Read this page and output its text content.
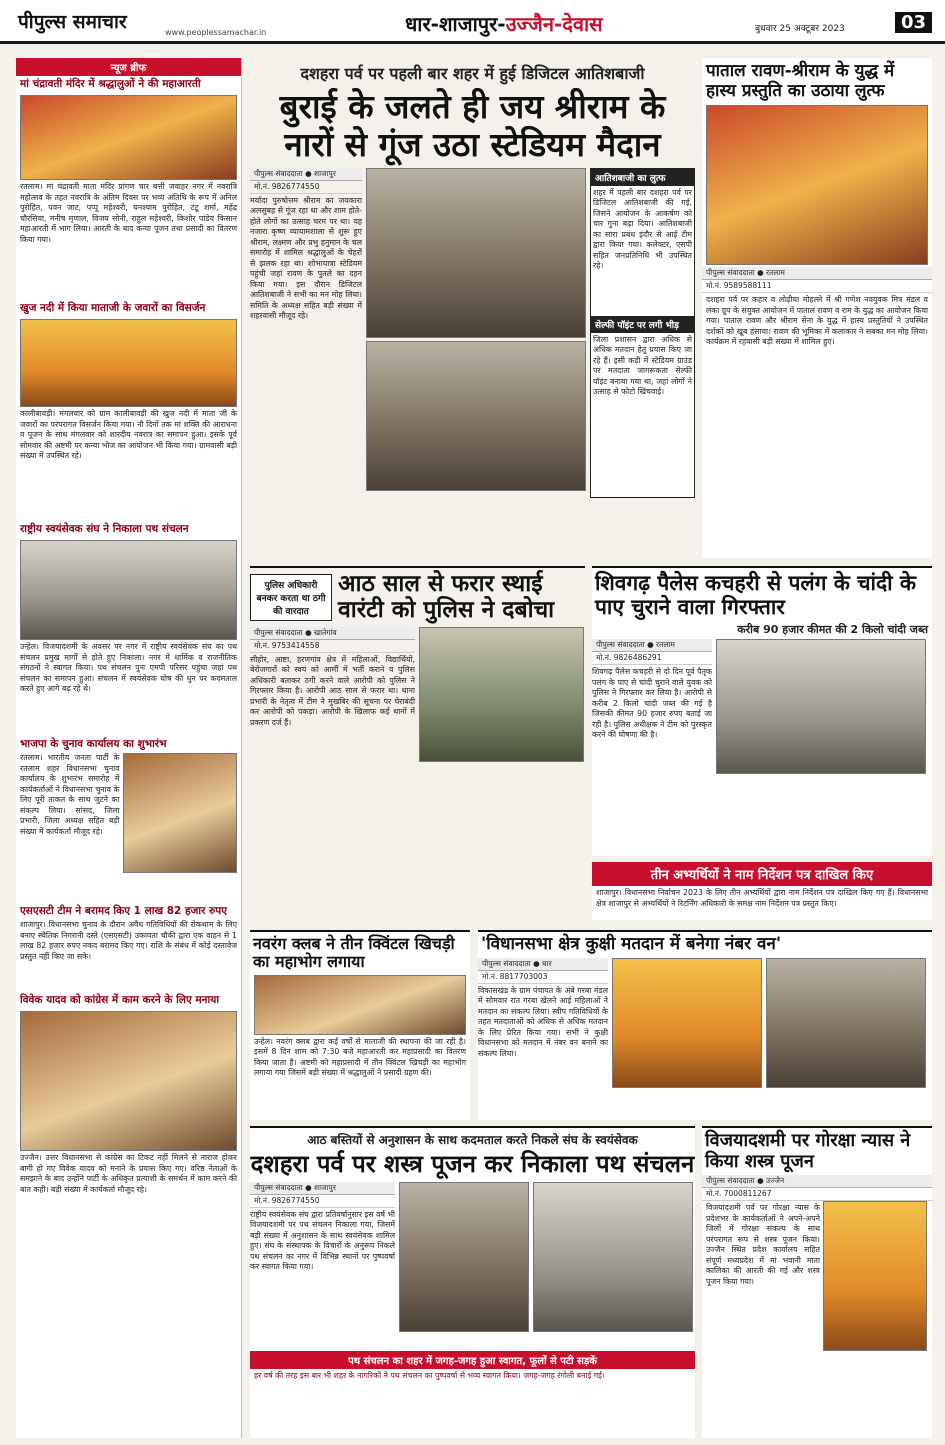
पीपुल्स समाचार	www.peoplessamachar.in	धार-शाजापुर-उज्जैन-देवास	बुधवार 25 अक्टूबर 2023	03
न्यूज ब्रीफ
मां चंद्रावती मंदिर में श्रद्धालुओं ने की महाआरती
रतलाम। मां चंद्रावती माता मंदिर प्रांगण चार बत्ती जवाहर नगर में नवरात्रि महोत्सव के तहत नवरात्रि के अंतिम दिवस पर भव्य अतिथि के रूप में अनिल पुरोहित, पवन जाट, पप्पू महेश्वरी, घनश्याम पुरोहित, टंटू शर्मा, महेंद्र चौरसिया, मनीष मृणाल, विजय सोनी, राहुल महेश्वरी, किशोर पांडेय किसान महाआरती में भाग लिया। आरती के बाद कन्या पूजन तथा प्रसादी का वितरण किया गया।
खुज नदी में किया माताजी के जवारों का विसर्जन
कालीबावड़ी। मंगलवार को ग्राम कालीबावड़ी की खुज नदी में माता जी के जवारों का परंपरागत विसर्जन किया गया। नौ दिनों तक मां शक्ति की आराधना व पूजन के साथ मंगलवार को शारदीय नवरात्र का समापन हुआ। इसके पूर्व सोमवार की अष्टमी पर कन्या भोज का आयोजन भी किया गया। ग्रामवासी बड़ी संख्या में उपस्थित रहे।
राष्ट्रीय स्वयंसेवक संघ ने निकाला पथ संचलन
उन्हेल। विजयादशमी के अवसर पर नगर में राष्ट्रीय स्वयंसेवक संघ का पथ संचलन प्रमुख मार्गों से होते हुए निकाला। नगर में धार्मिक व राजनीतिक संगठनों ने स्वागत किया। पथ संचलन पुनः एमपी परिसर पहुंचा जहां पथ संचलन का समापन हुआ। संचलन में स्वयंसेवक घोष की धुन पर कदमताल करते हुए आगे बढ़ रहे थे।
भाजपा के चुनाव कार्यालय का शुभारंभ
रतलाम। भारतीय जनता पार्टी के रतलाम शहर विधानसभा चुनाव कार्यालय के शुभारंभ समारोह में कार्यकर्ताओं ने विधानसभा चुनाव के लिए पूरी ताकत के साथ जुटने का संकल्प लिया। सांसद, जिला प्रभारी, जिला अध्यक्ष सहित बड़ी संख्या में कार्यकर्ता मौजूद रहे।
एसएसटी टीम ने बरामद किए 1 लाख 82 हजार रुपए
शाजापुर। विधानसभा चुनाव के दौरान अवैध गतिविधियों की रोकथाम के लिए बनाए स्थैतिक निगरानी दस्ते (एसएसटी) उकावता चौकी द्वारा एक वाहन से 1 लाख 82 हजार रुपए नकद बरामद किए गए। राशि के संबंध में कोई दस्तावेज प्रस्तुत नहीं किए जा सके।
विवेक यादव को कांग्रेस में काम करने के लिए मनाया
उज्जैन। उत्तर विधानसभा से कांग्रेस का टिकट नहीं मिलने से नाराज होकर बागी हो गए विवेक यादव को मनाने के प्रयास किए गए। वरिष्ठ नेताओं के समझाने के बाद उन्होंने पार्टी के अधिकृत प्रत्याशी के समर्थन में काम करने की बात कही। बड़ी संख्या में कार्यकर्ता मौजूद रहे।
दशहरा पर्व पर पहली बार शहर में हुई डिजिटल आतिशबाजी
बुराई के जलते ही जय श्रीराम के
नारों से गूंज उठा स्टेडियम मैदान
पीपुल्स संवाददाता ● शाजापुर
मो.नं. 9826774550
मर्यादा पुरुषोत्तम श्रीराम का जयकारा अलसुबह से गूंज रहा था और शाम होते-होते लोगों का उत्साह चरम पर था। यह नजारा कृष्ण व्यायामशाला से शुरू हुए श्रीराम, लक्ष्मण और प्रभु हनुमान के चल समारोह में शामिल श्रद्धालुओं के चेहरों से झलक रहा था। शोभायात्रा स्टेडियम पहुंची जहां रावण के पुतले का दहन किया गया। इस दौरान डिजिटल आतिशबाजी ने सभी का मन मोह लिया। समिति के अध्यक्ष सहित बड़ी संख्या में शहरवासी मौजूद रहे।
आतिशबाजी का लुत्फ
शहर में पहली बार दशहरा पर्व पर डिजिटल आतिशबाजी की गई, जिसने आयोजन के आकर्षण को चार गुना बढ़ा दिया। आतिशबाजी का सारा प्रबंध इंदौर से आई टीम द्वारा किया गया। कलेक्टर, एसपी सहित जनप्रतिनिधि भी उपस्थित रहे।
सेल्फी पॉइंट पर लगी भीड़
जिला प्रशासन द्वारा अधिक से अधिक मतदान हेतु प्रयास किए जा रहे हैं। इसी कड़ी में स्टेडियम ग्राउंड पर मतदाता जागरूकता सेल्फी पॉइंट बनाया गया था, जहां लोगों ने उत्साह से फोटो खिंचवाई।
पाताल रावण-श्रीराम के युद्ध में हास्य प्रस्तुति का उठाया लुत्फ
पीपुल्स संवाददाता ● रतलाम
मो.नं. 9589588111
दशहरा पर्व पर कहार व लोढ़ीया मोहल्ले में श्री गणेश नवयुवक मित्र मंडल व लंका ग्रुप के संयुक्त आयोजन में पाताल रावण व राम के युद्ध का आयोजन किया गया। पाताल रावण और श्रीराम सेना के युद्ध में हास्य प्रस्तुतियों ने उपस्थित दर्शकों को खूब हंसाया। रावण की भूमिका में कलाकार ने सबका मन मोह लिया। कार्यक्रम में रहवासी बड़ी संख्या में शामिल हुए।
पुलिस अधिकारी बनकर करता था ठगी की वारदात
आठ साल से फरार स्थाई वारंटी को पुलिस ने दबोचा
पीपुल्स संवाददाता ● खातेगांव
मो.नं. 9753414558
सीहोर, आष्टा, हरणगांव क्षेत्र में महिलाओं, विद्यार्थियों, बेरोजगारों को स्वयं को आर्मी में भर्ती कराने व पुलिस अधिकारी बताकर ठगी करने वाले आरोपी को पुलिस ने गिरफ्तार किया है। आरोपी आठ साल से फरार था। थाना प्रभारी के नेतृत्व में टीम ने मुखबिर की सूचना पर घेराबंदी कर आरोपी को पकड़ा। आरोपी के खिलाफ कई थानों में प्रकरण दर्ज हैं।
शिवगढ़ पैलेस कचहरी से पलंग के चांदी के पाए चुराने वाला गिरफ्तार
करीब 90 हजार कीमत की 2 किलो चांदी जब्त
पीपुल्स संवाददाता ● रतलाम
मो.नं. 9826486291
शिवगढ़ पैलेस कचहरी से दो दिन पूर्व पैतृक पलंग के पाए से चांदी चुराने वाले युवक को पुलिस ने गिरफ्तार कर लिया है। आरोपी से करीब 2 किलो चांदी जब्त की गई है जिसकी कीमत 90 हजार रुपए बताई जा रही है। पुलिस अधीक्षक ने टीम को पुरस्कृत करने की घोषणा की है।
तीन अभ्यर्थियों ने नाम निर्देशन पत्र दाखिल किए
शाजापुर। विधानसभा निर्वाचन 2023 के लिए तीन अभ्यर्थियों द्वारा नाम निर्देशन पत्र दाखिल किए गए हैं। विधानसभा क्षेत्र शाजापुर से अभ्यर्थियों ने रिटर्निंग अधिकारी के समक्ष नाम निर्देशन पत्र प्रस्तुत किए।
नवरंग क्लब ने तीन क्विंटल खिचड़ी का महाभोग लगाया
उन्हेल। नवरंग क्लब द्वारा कई वर्षों से माताजी की स्थापना की जा रही है। इसमें 8 दिन शाम को 7:30 बजे महाआरती कर महाप्रसादी का वितरण किया जाता है। अष्टमी को महाप्रसादी में तीन क्विंटल खिचड़ी का महाभोग लगाया गया जिसमें बड़ी संख्या में श्रद्धालुओं ने प्रसादी ग्रहण की।
'विधानसभा क्षेत्र कुक्षी मतदान में बनेगा नंबर वन'
पीपुल्स संवाददाता ● धार
मो.नं. 8817703003
विकासखंड के ग्राम पंचायत के अंबे गरबा मंडल में सोमवार रात गरबा खेलने आई महिलाओं ने मतदान का संकल्प लिया। स्वीप गतिविधियों के तहत मतदाताओं को अधिक से अधिक मतदान के लिए प्रेरित किया गया। सभी ने कुक्षी विधानसभा को मतदान में नंबर वन बनाने का संकल्प लिया।
आठ बस्तियों से अनुशासन के साथ कदमताल करते निकले संघ के स्वयंसेवक
दशहरा पर्व पर शस्त्र पूजन कर निकाला पथ संचलन
पीपुल्स संवाददाता ● शाजापुर
मो.नं. 9826774550
राष्ट्रीय स्वयंसेवक संघ द्वारा प्रतिवर्षानुसार इस वर्ष भी विजयादशमी पर पथ संचलन निकाला गया, जिसमें बड़ी संख्या में अनुशासन के साथ स्वयंसेवक शामिल हुए। संघ के संस्थापक के विचारों के अनुरूप निकले पथ संचलन का नगर में विभिन्न स्थानों पर पुष्पवर्षा कर स्वागत किया गया।
पथ संचलन का शहर में जगह-जगह हुआ स्वागत, फूलों से पटी सड़कें
हर वर्ष की तरह इस बार भी शहर के नागरिकों ने पथ संचलन का पुष्पवर्षा से भव्य स्वागत किया। जगह-जगह रंगोली बनाई गई।
विजयादशमी पर गोरक्षा न्यास ने किया शस्त्र पूजन
पीपुल्स संवाददाता ● उज्जैन
मो.नं. 7000811267
विजयादशमी पर्व पर गोरक्षा न्यास के प्रदेशभर के कार्यकर्ताओं ने अपने-अपने जिलों में गोरक्षा संकल्प के साथ परंपरागत रूप से शस्त्र पूजन किया। उज्जैन स्थित प्रदेश कार्यालय सहित संपूर्ण मध्यप्रदेश में मां भवानी माता कालिका की आरती की गई और शस्त्र पूजन किया गया।
